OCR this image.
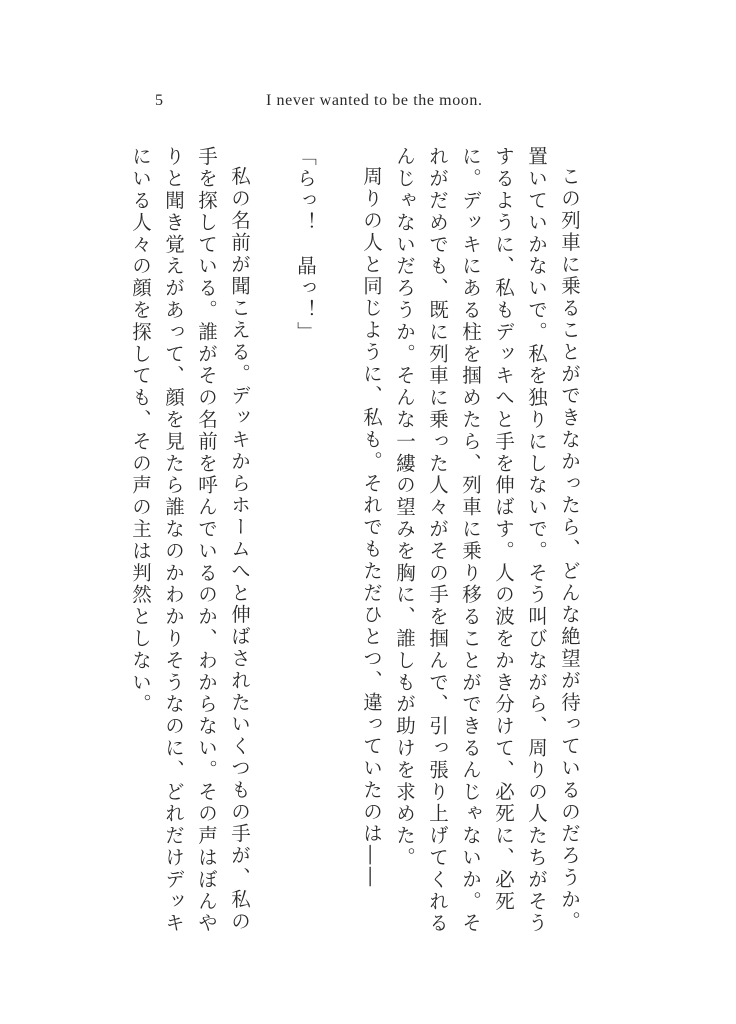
5	I never wanted to be the moon.

この列車に乗ることができなかったら、どんな絶望が待っているのだろうか。置いていかないで。私を独りにしないで。そう叫びながら、周りの人たちがそうするように、私もデッキへと手を伸ばす。人の波をかき分けて、必死に、必死に。デッキにある柱を掴めたら、列車に乗り移ることができるんじゃないか。それがだめでも、既に列車に乗った人々がその手を掴んで、引っ張り上げてくれるんじゃないだろうか。そんな一縷の望みを胸に、誰しもが助けを求めた。

周りの人と同じように、私も。それでもただひとつ、違っていたのは――

「らっ！　晶っ！」

私の名前が聞こえる。デッキからホームへと伸ばされたいくつもの手が、私の手を探している。誰がその名前を呼んでいるのか、わからない。その声はぼんやりと聞き覚えがあって、顔を見たら誰なのかわかりそうなのに、どれだけデッキにいる人々の顔を探しても、その声の主は判然としない。
